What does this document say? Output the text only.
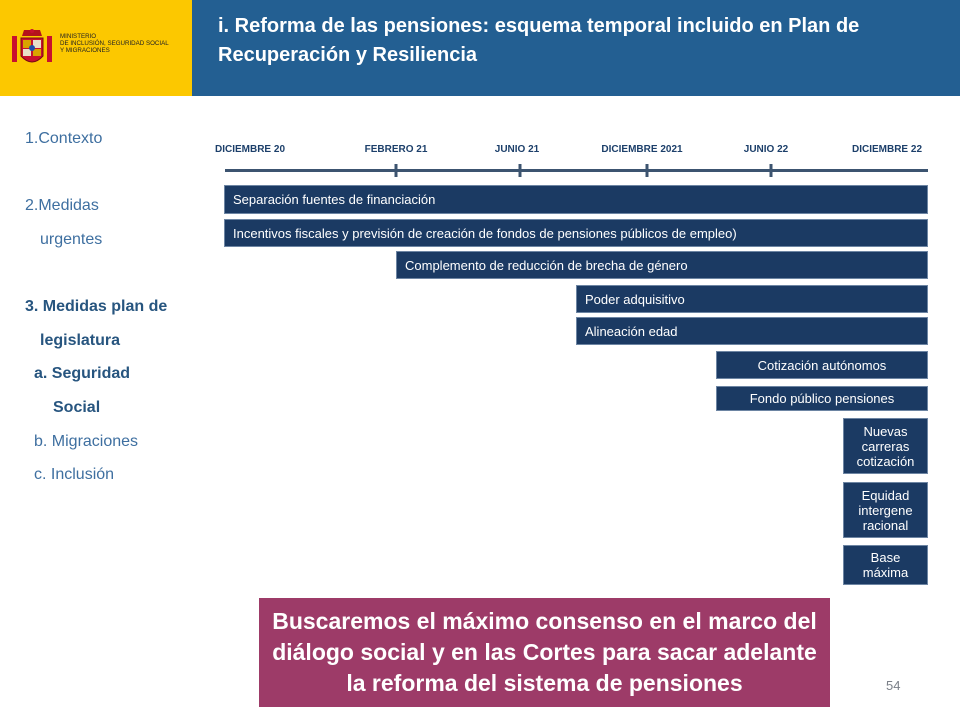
MINISTERIO
DE INCLUSIÓN, SEGURIDAD SOCIAL
Y MIGRACIONES
i. Reforma de las pensiones: esquema temporal incluido en Plan de Recuperación y Resiliencia
1.Contexto
2.Medidas
urgentes
3. Medidas plan de
legislatura
a. Seguridad
Social
b. Migraciones
c. Inclusión
DICIEMBRE 20	FEBRERO 21	JUNIO 21	DICIEMBRE 2021	JUNIO 22	DICIEMBRE 22
Separación fuentes de financiación
Incentivos fiscales y previsión de creación de fondos de pensiones públicos de empleo)
Complemento de reducción de brecha de género
Poder adquisitivo
Alineación edad
Cotización autónomos
Fondo público pensiones
Nuevas
carreras
cotización
Equidad
intergene
racional
Base
máxima
Buscaremos el máximo consenso en el marco del diálogo social y en las Cortes para sacar adelante la reforma del sistema de pensiones	54
